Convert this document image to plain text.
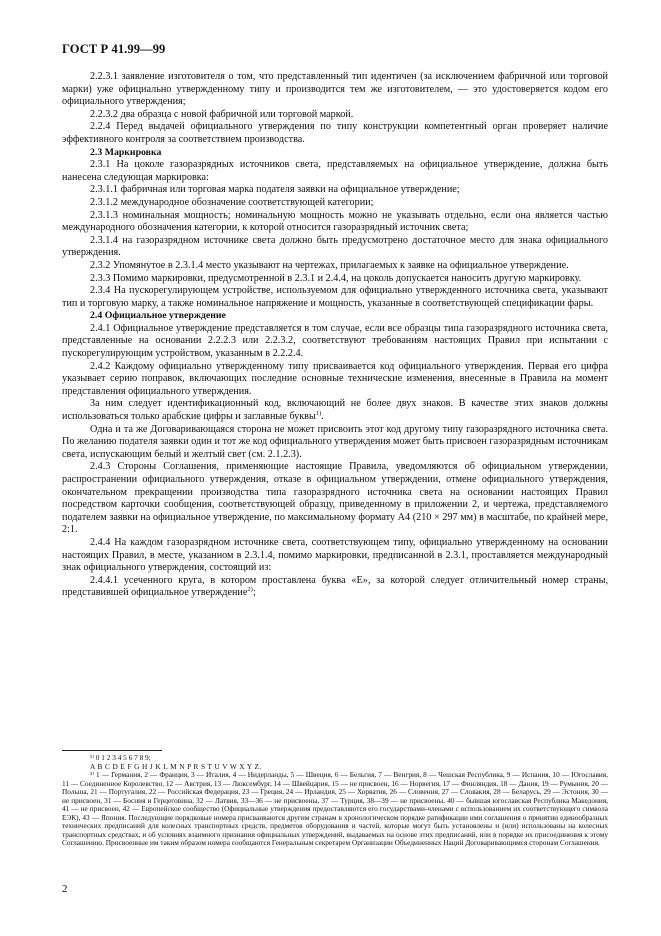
ГОСТ Р 41.99—99

2.2.3.1 заявление изготовителя о том, что представленный тип идентичен (за исключением фабричной или торговой марки) уже официально утвержденному типу и производится тем же изготовителем, — это удостоверяется кодом его официального утверждения;

2.2.3.2 два образца с новой фабричной или торговой маркой.

2.2.4 Перед выдачей официального утверждения по типу конструкции компетентный орган проверяет наличие эффективного контроля за соответствием производства.

2.3 Маркировка

2.3.1 На цоколе газоразрядных источников света, представляемых на официальное утверждение, должна быть нанесена следующая маркировка:

2.3.1.1 фабричная или торговая марка подателя заявки на официальное утверждение;

2.3.1.2 международное обозначение соответствующей категории;

2.3.1.3 номинальная мощность; номинальную мощность можно не указывать отдельно, если она является частью международного обозначения категории, к которой относится газоразрядный источник света;

2.3.1.4 на газоразрядном источнике света должно быть предусмотрено достаточное место для знака официального утверждения.

2.3.2 Упомянутое в 2.3.1.4 место указывают на чертежах, прилагаемых к заявке на официальное утверждение.

2.3.3 Помимо маркировки, предусмотренной в 2.3.1 и 2.4.4, на цоколь допускается наносить другую маркировку.

2.3.4 На пускорегулирующем устройстве, используемом для официально утвержденного источника света, указывают тип и торговую марку, а также номинальное напряжение и мощность, указанные в соответствующей спецификации фары.

2.4 Официальное утверждение

2.4.1 Официальное утверждение представляется в том случае, если все образцы типа газоразрядного источника света, представленные на основании 2.2.2.3 или 2.2.3.2, соответствуют требованиям настоящих Правил при испытании с пускорегулирующим устройством, указанным в 2.2.2.4.

2.4.2 Каждому официально утвержденному типу присваивается код официального утверждения. Первая его цифра указывает серию поправок, включающих последние основные технические изменения, внесенные в Правила на момент представления официального утверждения.

За ним следует идентификационный код, включающий не более двух знаков. В качестве этих знаков должны использоваться только арабские цифры и заглавные буквы$^{1)}$.

Одна и та же Договаривающаяся сторона не может присвоить этот код другому типу газоразрядного источника света. По желанию подателя заявки один и тот же код официального утверждения может быть присвоен газоразрядным источникам света, испускающим белый и желтый свет (см. 2.1.2.3).

2.4.3 Стороны Соглашения, применяющие настоящие Правила, уведомляются об официальном утверждении, распространении официального утверждения, отказе в официальном утверждении, отмене официального утверждения, окончательном прекращении производства типа газоразрядного источника света на основании настоящих Правил посредством карточки сообщения, соответствующей образцу, приведенному в приложении 2, и чертежа, представляемого подателем заявки на официальное утверждение, по максимальному формату А4 (210 × 297 мм) в масштабе, по крайней мере, 2:1.

2.4.4 На каждом газоразрядном источнике света, соответствующем типу, официально утвержденному на основании настоящих Правил, в месте, указанном в 2.3.1.4, помимо маркировки, предписанной в 2.3.1, проставляется международный знак официального утверждения, состоящий из:

2.4.4.1 усеченного круга, в котором проставлена буква «Е», за которой следует отличительный номер страны, представившей официальное утверждение$^{2)}$;

¹⁾ 0 1 2 3 4 5 6 7 8 9;

A B C D E F G H J K L M N P R S T U V W X Y Z.

²⁾ 1 — Германия, 2 — Франция, 3 — Италия, 4 — Нидерланды, 5 — Швеция, 6 — Бельгия, 7 — Венгрия, 8 — Чешская Республика, 9 — Испания, 10 — Югославия, 11 — Соединенное Королевство, 12 — Австрия, 13 — Люксембург, 14 — Швейцария, 15 — не присвоен, 16 — Норвегия, 17 — Финляндия, 18 — Дания, 19 — Румыния, 20 — Польша, 21 — Португалия, 22 — Российская Федерация, 23 — Греция, 24 — Ирландия, 25 — Хорватия, 26 — Словения, 27 — Словакия, 28 — Беларусь, 29 — Эстония, 30 — не присвоен, 31 — Босния и Герцеговина, 32 — Латвия, 33—36 — не присвоены, 37 — Турция, 38—39 — не присвоены, 40 — бывшая югославская Республика Македония, 41 — не присвоен, 42 — Европейское сообщество (Официальные утверждения предоставляются его государствами-членами с использованием их соответствующего символа ЕЭК), 43 — Япония. Последующие порядковые номера присваиваются другим странам в хронологическом порядке ратификации ими соглашения о принятии единообразных технических предписаний для колесных транспортных средств, предметов оборудования и частей, которые могут быть установлены и (или) использованы на колесных транспортных средствах, и об условиях взаимного признания официальных утверждений, выдаваемых на основе этих предписаний, или в порядке их присоединения к этому Соглашению. Присвоенные им таким образом номера сообщаются Генеральным секретарем Организации Объединенных Наций Договаривающимся сторонам Соглашения.

2
